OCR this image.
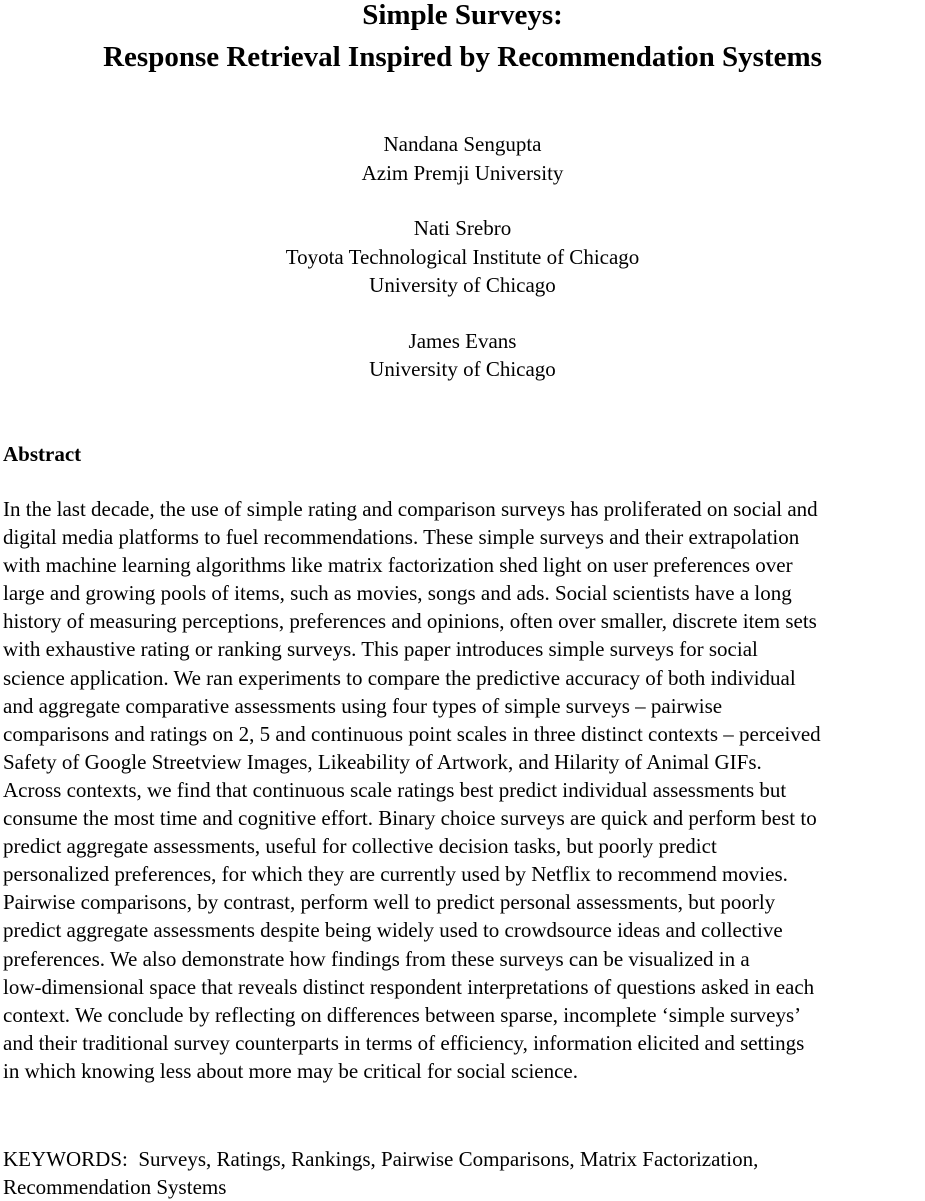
Simple Surveys:
Response Retrieval Inspired by Recommendation Systems
Nandana Sengupta
Azim Premji University
Nati Srebro
Toyota Technological Institute of Chicago
University of Chicago
James Evans
University of Chicago
Abstract

In the last decade, the use of simple rating and comparison surveys has proliferated on social and
digital media platforms to fuel recommendations. These simple surveys and their extrapolation
with machine learning algorithms like matrix factorization shed light on user preferences over
large and growing pools of items, such as movies, songs and ads. Social scientists have a long
history of measuring perceptions, preferences and opinions, often over smaller, discrete item sets
with exhaustive rating or ranking surveys. This paper introduces simple surveys for social
science application. We ran experiments to compare the predictive accuracy of both individual
and aggregate comparative assessments using four types of simple surveys – pairwise
comparisons and ratings on 2, 5 and continuous point scales in three distinct contexts – perceived
Safety of Google Streetview Images, Likeability of Artwork, and Hilarity of Animal GIFs.
Across contexts, we find that continuous scale ratings best predict individual assessments but
consume the most time and cognitive effort. Binary choice surveys are quick and perform best to
predict aggregate assessments, useful for collective decision tasks, but poorly predict
personalized preferences, for which they are currently used by Netflix to recommend movies.
Pairwise comparisons, by contrast, perform well to predict personal assessments, but poorly
predict aggregate assessments despite being widely used to crowdsource ideas and collective
preferences. We also demonstrate how findings from these surveys can be visualized in a
low-dimensional space that reveals distinct respondent interpretations of questions asked in each
context. We conclude by reflecting on differences between sparse, incomplete ‘simple surveys’
and their traditional survey counterparts in terms of efficiency, information elicited and settings
in which knowing less about more may be critical for social science.

KEYWORDS:  Surveys, Ratings, Rankings, Pairwise Comparisons, Matrix Factorization,
Recommendation Systems
